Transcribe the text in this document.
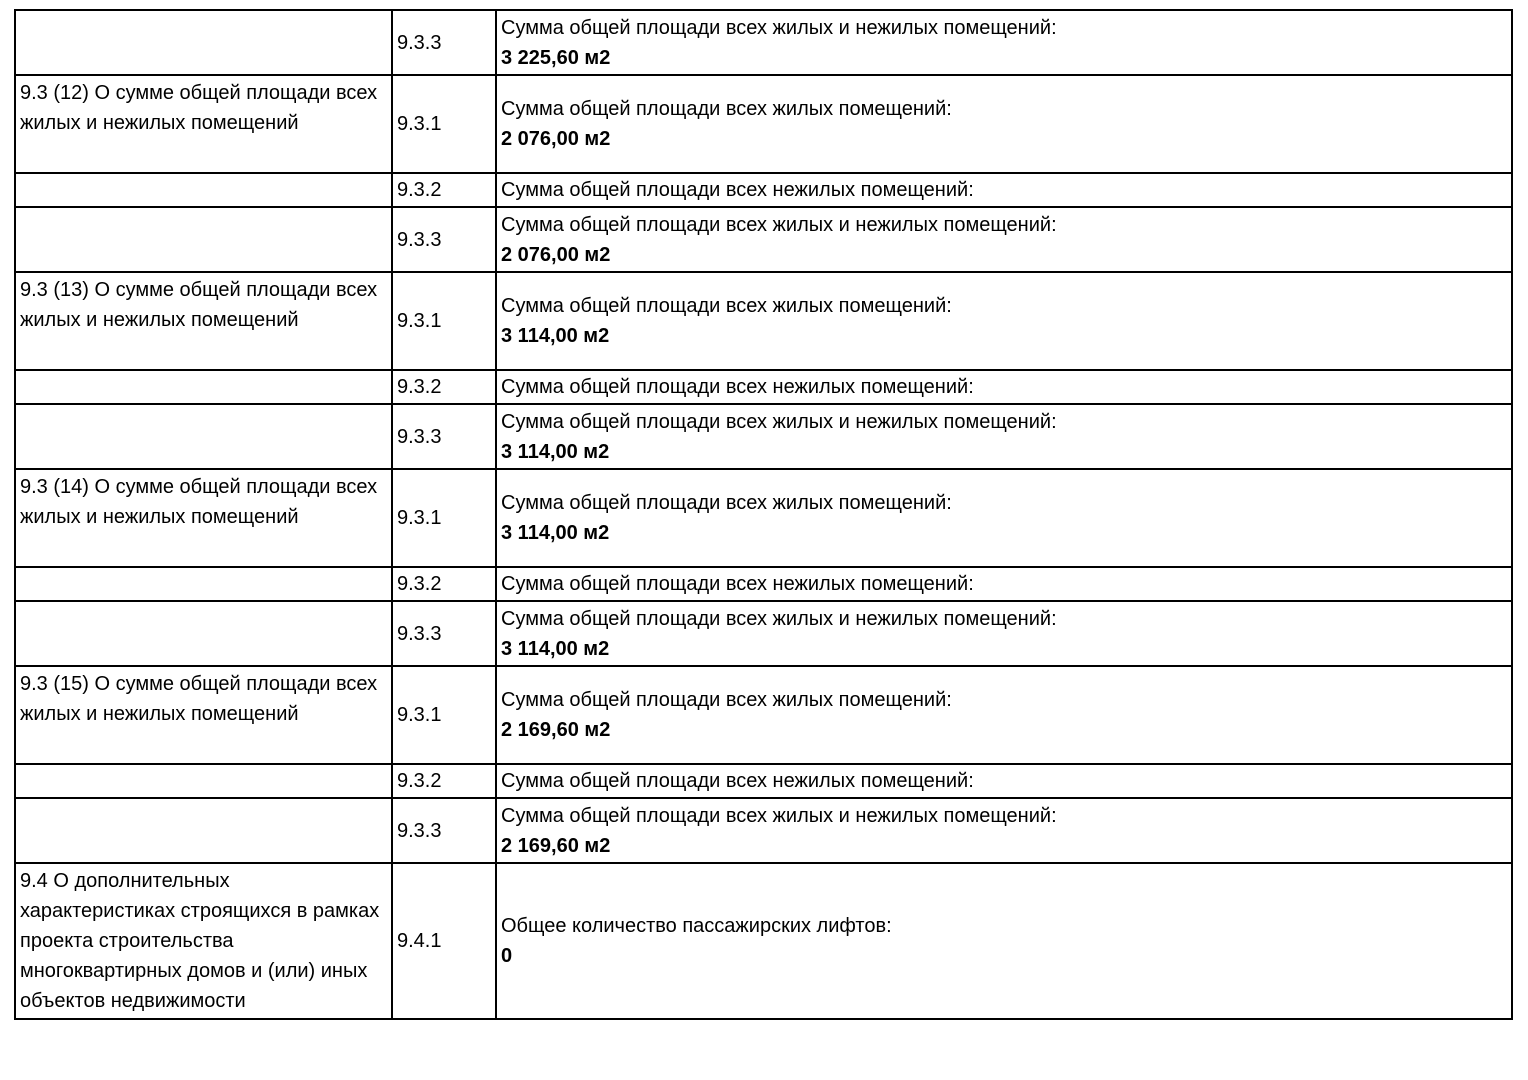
	9.3.3	Сумма общей площади всех жилых и нежилых помещений:
3 225,60 м2

9.3 (12) О сумме общей площади всех жилых и нежилых помещений	9.3.1	Сумма общей площади всех жилых помещений:
2 076,00 м2

	9.3.2	Сумма общей площади всех нежилых помещений:

	9.3.3	Сумма общей площади всех жилых и нежилых помещений:
2 076,00 м2

9.3 (13) О сумме общей площади всех жилых и нежилых помещений	9.3.1	Сумма общей площади всех жилых помещений:
3 114,00 м2

	9.3.2	Сумма общей площади всех нежилых помещений:

	9.3.3	Сумма общей площади всех жилых и нежилых помещений:
3 114,00 м2

9.3 (14) О сумме общей площади всех жилых и нежилых помещений	9.3.1	Сумма общей площади всех жилых помещений:
3 114,00 м2

	9.3.2	Сумма общей площади всех нежилых помещений:

	9.3.3	Сумма общей площади всех жилых и нежилых помещений:
3 114,00 м2

9.3 (15) О сумме общей площади всех жилых и нежилых помещений	9.3.1	Сумма общей площади всех жилых помещений:
2 169,60 м2

	9.3.2	Сумма общей площади всех нежилых помещений:

	9.3.3	Сумма общей площади всех жилых и нежилых помещений:
2 169,60 м2

9.4 О дополнительных характеристиках строящихся в рамках проекта строительства многоквартирных домов и (или) иных объектов недвижимости	9.4.1	Общее количество пассажирских лифтов:
0
